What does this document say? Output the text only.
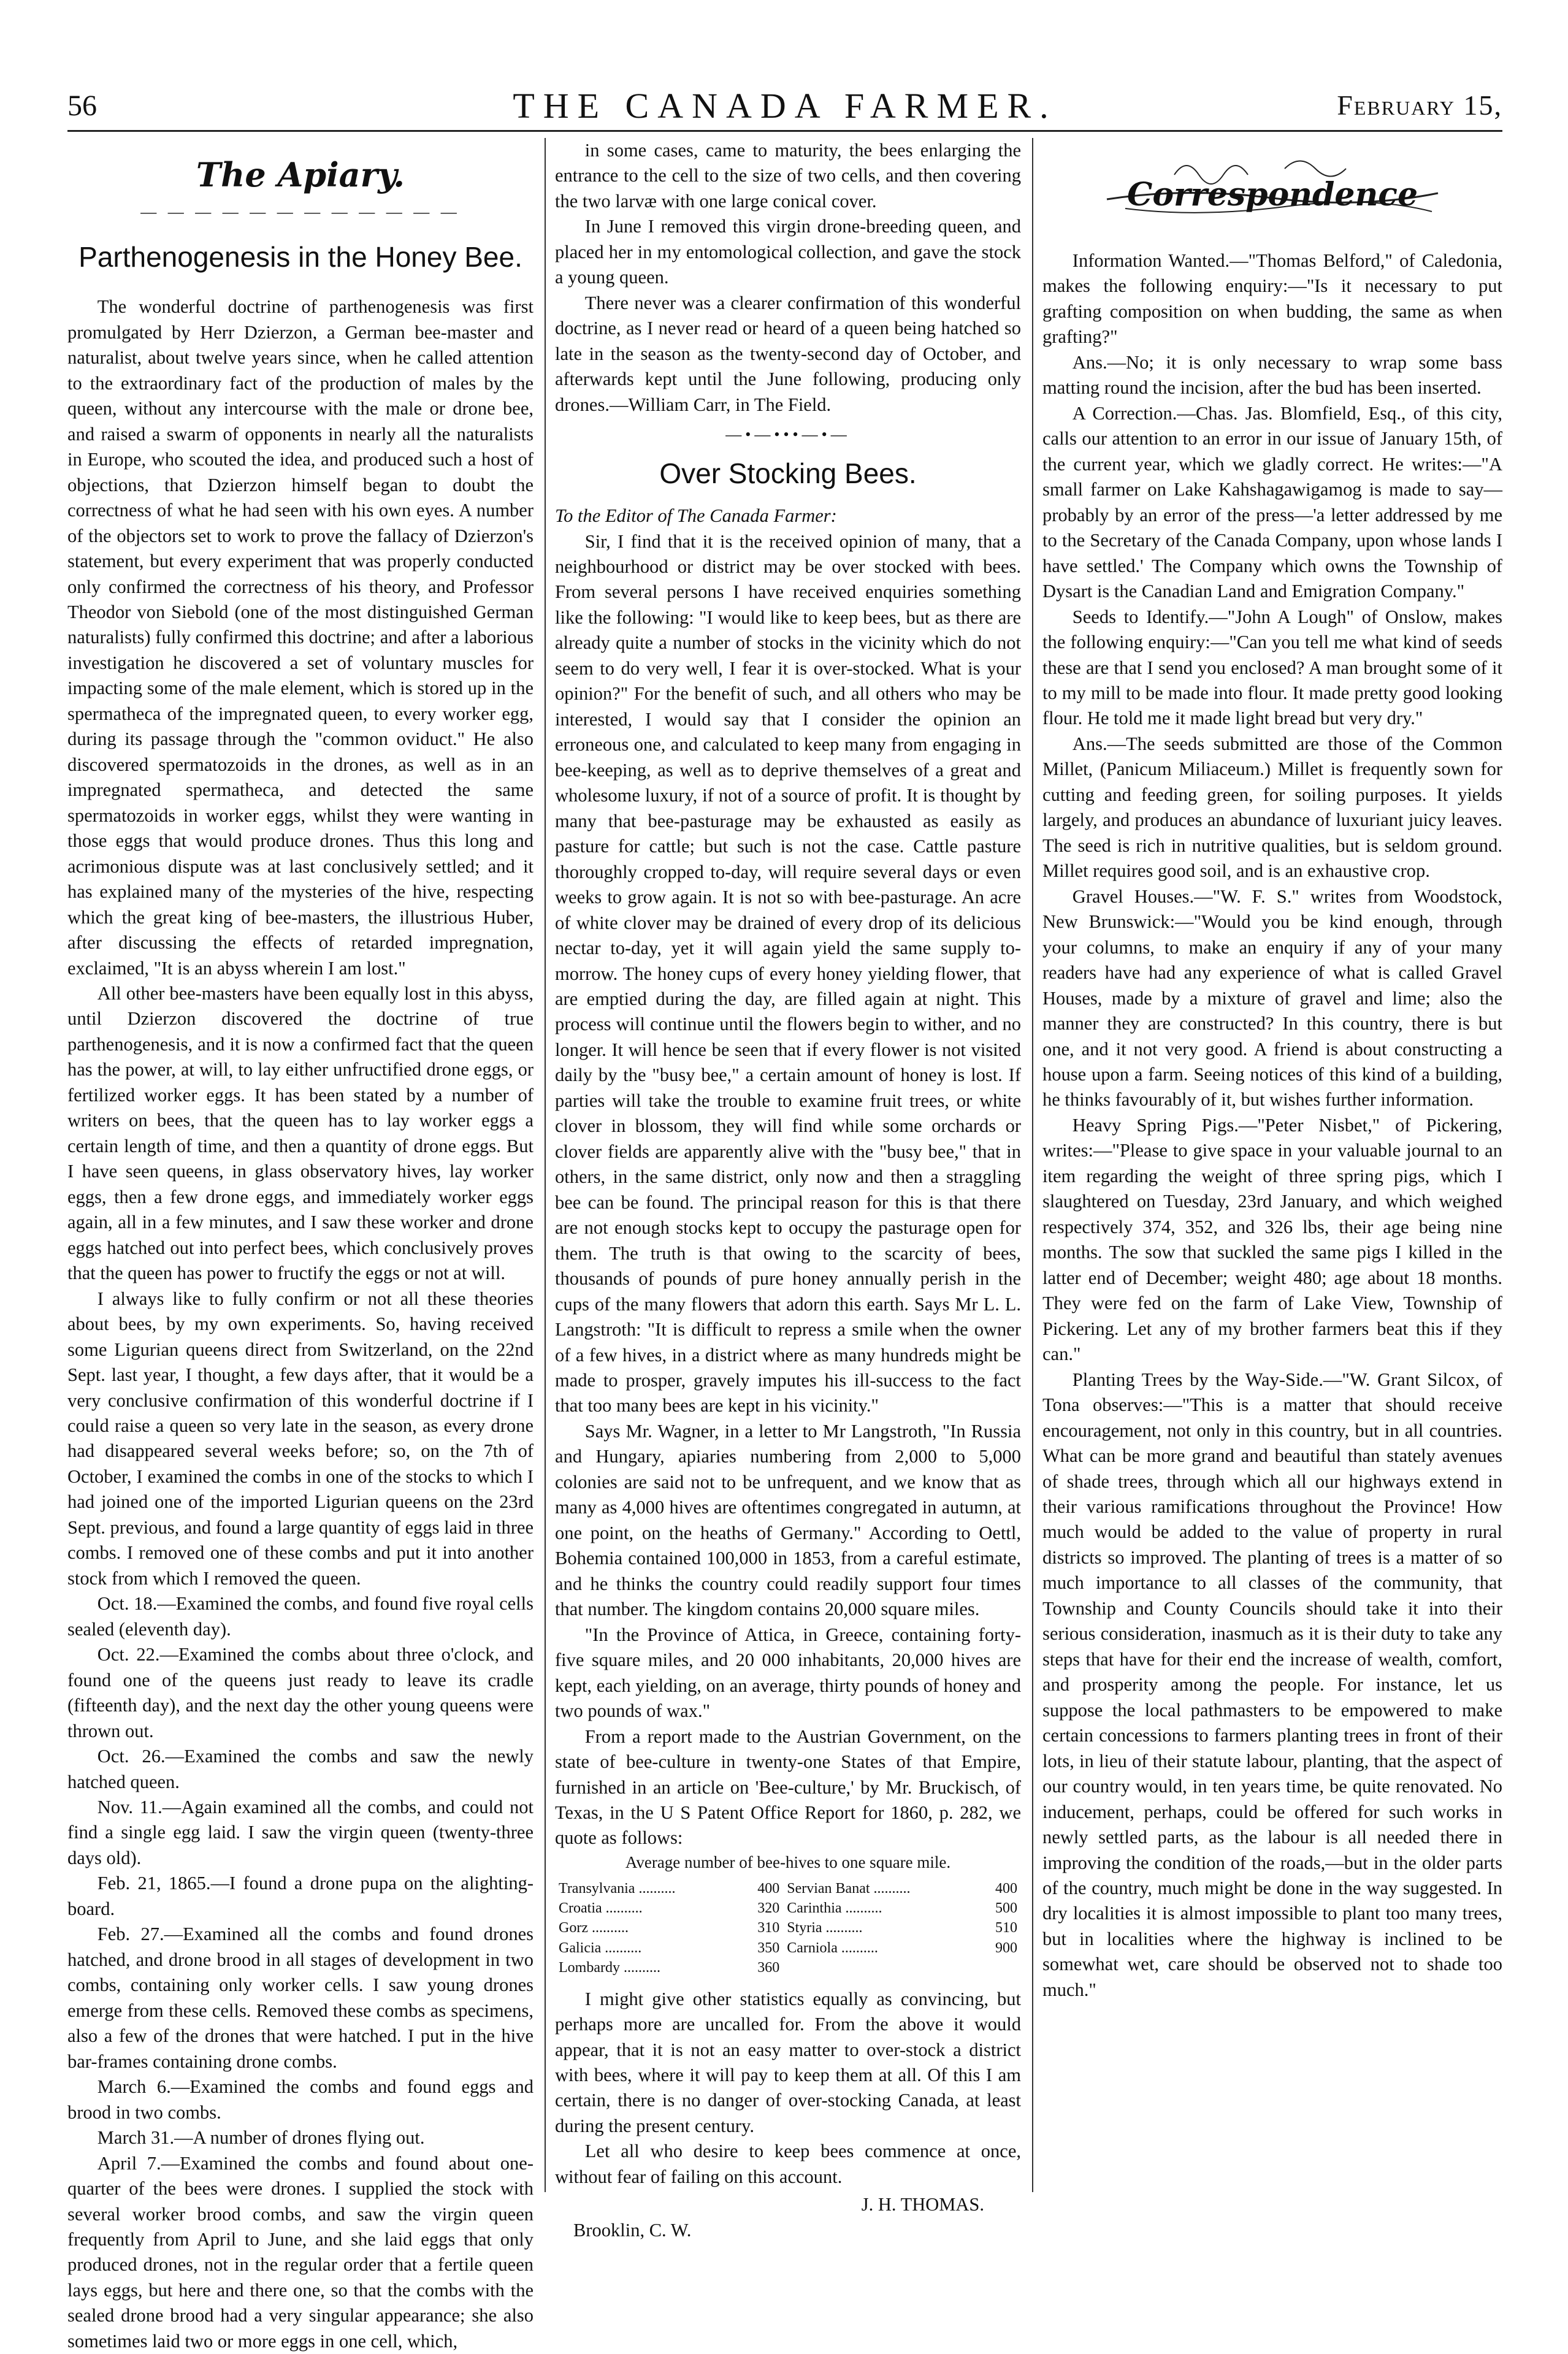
56	THE CANADA FARMER.	February 15,
The Apiary.
— — — — — — — — — — — —
Parthenogenesis in the Honey Bee.

The wonderful doctrine of parthenogenesis was first promulgated by Herr Dzierzon, a German bee-master and naturalist, about twelve years since, when he called attention to the extraordinary fact of the production of males by the queen, without any intercourse with the male or drone bee, and raised a swarm of opponents in nearly all the naturalists in Europe, who scouted the idea, and produced such a host of objections, that Dzierzon himself began to doubt the correctness of what he had seen with his own eyes. A number of the objectors set to work to prove the fallacy of Dzierzon's statement, but every experiment that was properly conducted only confirmed the correctness of his theory, and Professor Theodor von Siebold (one of the most distinguished German naturalists) fully confirmed this doctrine; and after a laborious investigation he discovered a set of voluntary muscles for impacting some of the male element, which is stored up in the spermatheca of the impregnated queen, to every worker egg, during its passage through the "common oviduct." He also discovered spermatozoids in the drones, as well as in an impregnated spermatheca, and detected the same spermatozoids in worker eggs, whilst they were wanting in those eggs that would produce drones. Thus this long and acrimonious dispute was at last conclusively settled; and it has explained many of the mysteries of the hive, respecting which the great king of bee-masters, the illustrious Huber, after discussing the effects of retarded impregnation, exclaimed, "It is an abyss wherein I am lost."

All other bee-masters have been equally lost in this abyss, until Dzierzon discovered the doctrine of true parthenogenesis, and it is now a confirmed fact that the queen has the power, at will, to lay either unfructified drone eggs, or fertilized worker eggs. It has been stated by a number of writers on bees, that the queen has to lay worker eggs a certain length of time, and then a quantity of drone eggs. But I have seen queens, in glass observatory hives, lay worker eggs, then a few drone eggs, and immediately worker eggs again, all in a few minutes, and I saw these worker and drone eggs hatched out into perfect bees, which conclusively proves that the queen has power to fructify the eggs or not at will.

I always like to fully confirm or not all these theories about bees, by my own experiments. So, having received some Ligurian queens direct from Switzerland, on the 22nd Sept. last year, I thought, a few days after, that it would be a very conclusive confirmation of this wonderful doctrine if I could raise a queen so very late in the season, as every drone had disappeared several weeks before; so, on the 7th of October, I examined the combs in one of the stocks to which I had joined one of the imported Ligurian queens on the 23rd Sept. previous, and found a large quantity of eggs laid in three combs. I removed one of these combs and put it into another stock from which I removed the queen.

Oct. 18.—Examined the combs, and found five royal cells sealed (eleventh day).

Oct. 22.—Examined the combs about three o'clock, and found one of the queens just ready to leave its cradle (fifteenth day), and the next day the other young queens were thrown out.

Oct. 26.—Examined the combs and saw the newly hatched queen.

Nov. 11.—Again examined all the combs, and could not find a single egg laid. I saw the virgin queen (twenty-three days old).

Feb. 21, 1865.—I found a drone pupa on the alighting-board.

Feb. 27.—Examined all the combs and found drones hatched, and drone brood in all stages of development in two combs, containing only worker cells. I saw young drones emerge from these cells. Removed these combs as specimens, also a few of the drones that were hatched. I put in the hive bar-frames containing drone combs.

March 6.—Examined the combs and found eggs and brood in two combs.

March 31.—A number of drones flying out.

April 7.—Examined the combs and found about one-quarter of the bees were drones. I supplied the stock with several worker brood combs, and saw the virgin queen frequently from April to June, and she laid eggs that only produced drones, not in the regular order that a fertile queen lays eggs, but here and there one, so that the combs with the sealed drone brood had a very singular appearance; she also sometimes laid two or more eggs in one cell, which,

in some cases, came to maturity, the bees enlarging the entrance to the cell to the size of two cells, and then covering the two larvæ with one large conical cover.

In June I removed this virgin drone-breeding queen, and placed her in my entomological collection, and gave the stock a young queen.

There never was a clearer confirmation of this wonderful doctrine, as I never read or heard of a queen being hatched so late in the season as the twenty-second day of October, and afterwards kept until the June following, producing only drones.—William Carr, in The Field.

—•—•••—•—
Over Stocking Bees.

To the Editor of The Canada Farmer:

Sir, I find that it is the received opinion of many, that a neighbourhood or district may be over stocked with bees. From several persons I have received enquiries something like the following: "I would like to keep bees, but as there are already quite a number of stocks in the vicinity which do not seem to do very well, I fear it is over-stocked. What is your opinion?" For the benefit of such, and all others who may be interested, I would say that I consider the opinion an erroneous one, and calculated to keep many from engaging in bee-keeping, as well as to deprive themselves of a great and wholesome luxury, if not of a source of profit. It is thought by many that bee-pasturage may be exhausted as easily as pasture for cattle; but such is not the case. Cattle pasture thoroughly cropped to-day, will require several days or even weeks to grow again. It is not so with bee-pasturage. An acre of white clover may be drained of every drop of its delicious nectar to-day, yet it will again yield the same supply to-morrow. The honey cups of every honey yielding flower, that are emptied during the day, are filled again at night. This process will continue until the flowers begin to wither, and no longer. It will hence be seen that if every flower is not visited daily by the "busy bee," a certain amount of honey is lost. If parties will take the trouble to examine fruit trees, or white clover in blossom, they will find while some orchards or clover fields are apparently alive with the "busy bee," that in others, in the same district, only now and then a straggling bee can be found. The principal reason for this is that there are not enough stocks kept to occupy the pasturage open for them. The truth is that owing to the scarcity of bees, thousands of pounds of pure honey annually perish in the cups of the many flowers that adorn this earth. Says Mr L. L. Langstroth: "It is difficult to repress a smile when the owner of a few hives, in a district where as many hundreds might be made to prosper, gravely imputes his ill-success to the fact that too many bees are kept in his vicinity."

Says Mr. Wagner, in a letter to Mr Langstroth, "In Russia and Hungary, apiaries numbering from 2,000 to 5,000 colonies are said not to be unfrequent, and we know that as many as 4,000 hives are oftentimes congregated in autumn, at one point, on the heaths of Germany." According to Oettl, Bohemia contained 100,000 in 1853, from a careful estimate, and he thinks the country could readily support four times that number. The kingdom contains 20,000 square miles.

"In the Province of Attica, in Greece, containing forty-five square miles, and 20 000 inhabitants, 20,000 hives are kept, each yielding, on an average, thirty pounds of honey and two pounds of wax."

From a report made to the Austrian Government, on the state of bee-culture in twenty-one States of that Empire, furnished in an article on 'Bee-culture,' by Mr. Bruckisch, of Texas, in the U S Patent Office Report for 1860, p. 282, we quote as follows:

Average number of bee-hives to one square mile.

Transylvania ..........	400	Servian Banat ..........	400
Croatia ..........	320	Carinthia ..........	500
Gorz ..........	310	Styria ..........	510
Galicia ..........	350	Carniola ..........	900
Lombardy ..........	360		

I might give other statistics equally as convincing, but perhaps more are uncalled for. From the above it would appear, that it is not an easy matter to over-stock a district with bees, where it will pay to keep them at all. Of this I am certain, there is no danger of over-stocking Canada, at least during the present century.

Let all who desire to keep bees commence at once, without fear of failing on this account.

J. H. THOMAS.

Brooklin, C. W.

Correspondence

Information Wanted.—"Thomas Belford," of Caledonia, makes the following enquiry:—"Is it necessary to put grafting composition on when budding, the same as when grafting?"

Ans.—No; it is only necessary to wrap some bass matting round the incision, after the bud has been inserted.

A Correction.—Chas. Jas. Blomfield, Esq., of this city, calls our attention to an error in our issue of January 15th, of the current year, which we gladly correct. He writes:—"A small farmer on Lake Kahshagawigamog is made to say—probably by an error of the press—'a letter addressed by me to the Secretary of the Canada Company, upon whose lands I have settled.' The Company which owns the Township of Dysart is the Canadian Land and Emigration Company."

Seeds to Identify.—"John A Lough" of Onslow, makes the following enquiry:—"Can you tell me what kind of seeds these are that I send you enclosed? A man brought some of it to my mill to be made into flour. It made pretty good looking flour. He told me it made light bread but very dry."

Ans.—The seeds submitted are those of the Common Millet, (Panicum Miliaceum.) Millet is frequently sown for cutting and feeding green, for soiling purposes. It yields largely, and produces an abundance of luxuriant juicy leaves. The seed is rich in nutritive qualities, but is seldom ground. Millet requires good soil, and is an exhaustive crop.

Gravel Houses.—"W. F. S." writes from Woodstock, New Brunswick:—"Would you be kind enough, through your columns, to make an enquiry if any of your many readers have had any experience of what is called Gravel Houses, made by a mixture of gravel and lime; also the manner they are constructed? In this country, there is but one, and it not very good. A friend is about constructing a house upon a farm. Seeing notices of this kind of a building, he thinks favourably of it, but wishes further information.

Heavy Spring Pigs.—"Peter Nisbet," of Pickering, writes:—"Please to give space in your valuable journal to an item regarding the weight of three spring pigs, which I slaughtered on Tuesday, 23rd January, and which weighed respectively 374, 352, and 326 lbs, their age being nine months. The sow that suckled the same pigs I killed in the latter end of December; weight 480; age about 18 months. They were fed on the farm of Lake View, Township of Pickering. Let any of my brother farmers beat this if they can."

Planting Trees by the Way-Side.—"W. Grant Silcox, of Tona observes:—"This is a matter that should receive encouragement, not only in this country, but in all countries. What can be more grand and beautiful than stately avenues of shade trees, through which all our highways extend in their various ramifications throughout the Province! How much would be added to the value of property in rural districts so improved. The planting of trees is a matter of so much importance to all classes of the community, that Township and County Councils should take it into their serious consideration, inasmuch as it is their duty to take any steps that have for their end the increase of wealth, comfort, and prosperity among the people. For instance, let us suppose the local pathmasters to be empowered to make certain concessions to farmers planting trees in front of their lots, in lieu of their statute labour, planting, that the aspect of our country would, in ten years time, be quite renovated. No inducement, perhaps, could be offered for such works in newly settled parts, as the labour is all needed there in improving the condition of the roads,—but in the older parts of the country, much might be done in the way suggested. In dry localities it is almost impossible to plant too many trees, but in localities where the highway is inclined to be somewhat wet, care should be observed not to shade too much."
